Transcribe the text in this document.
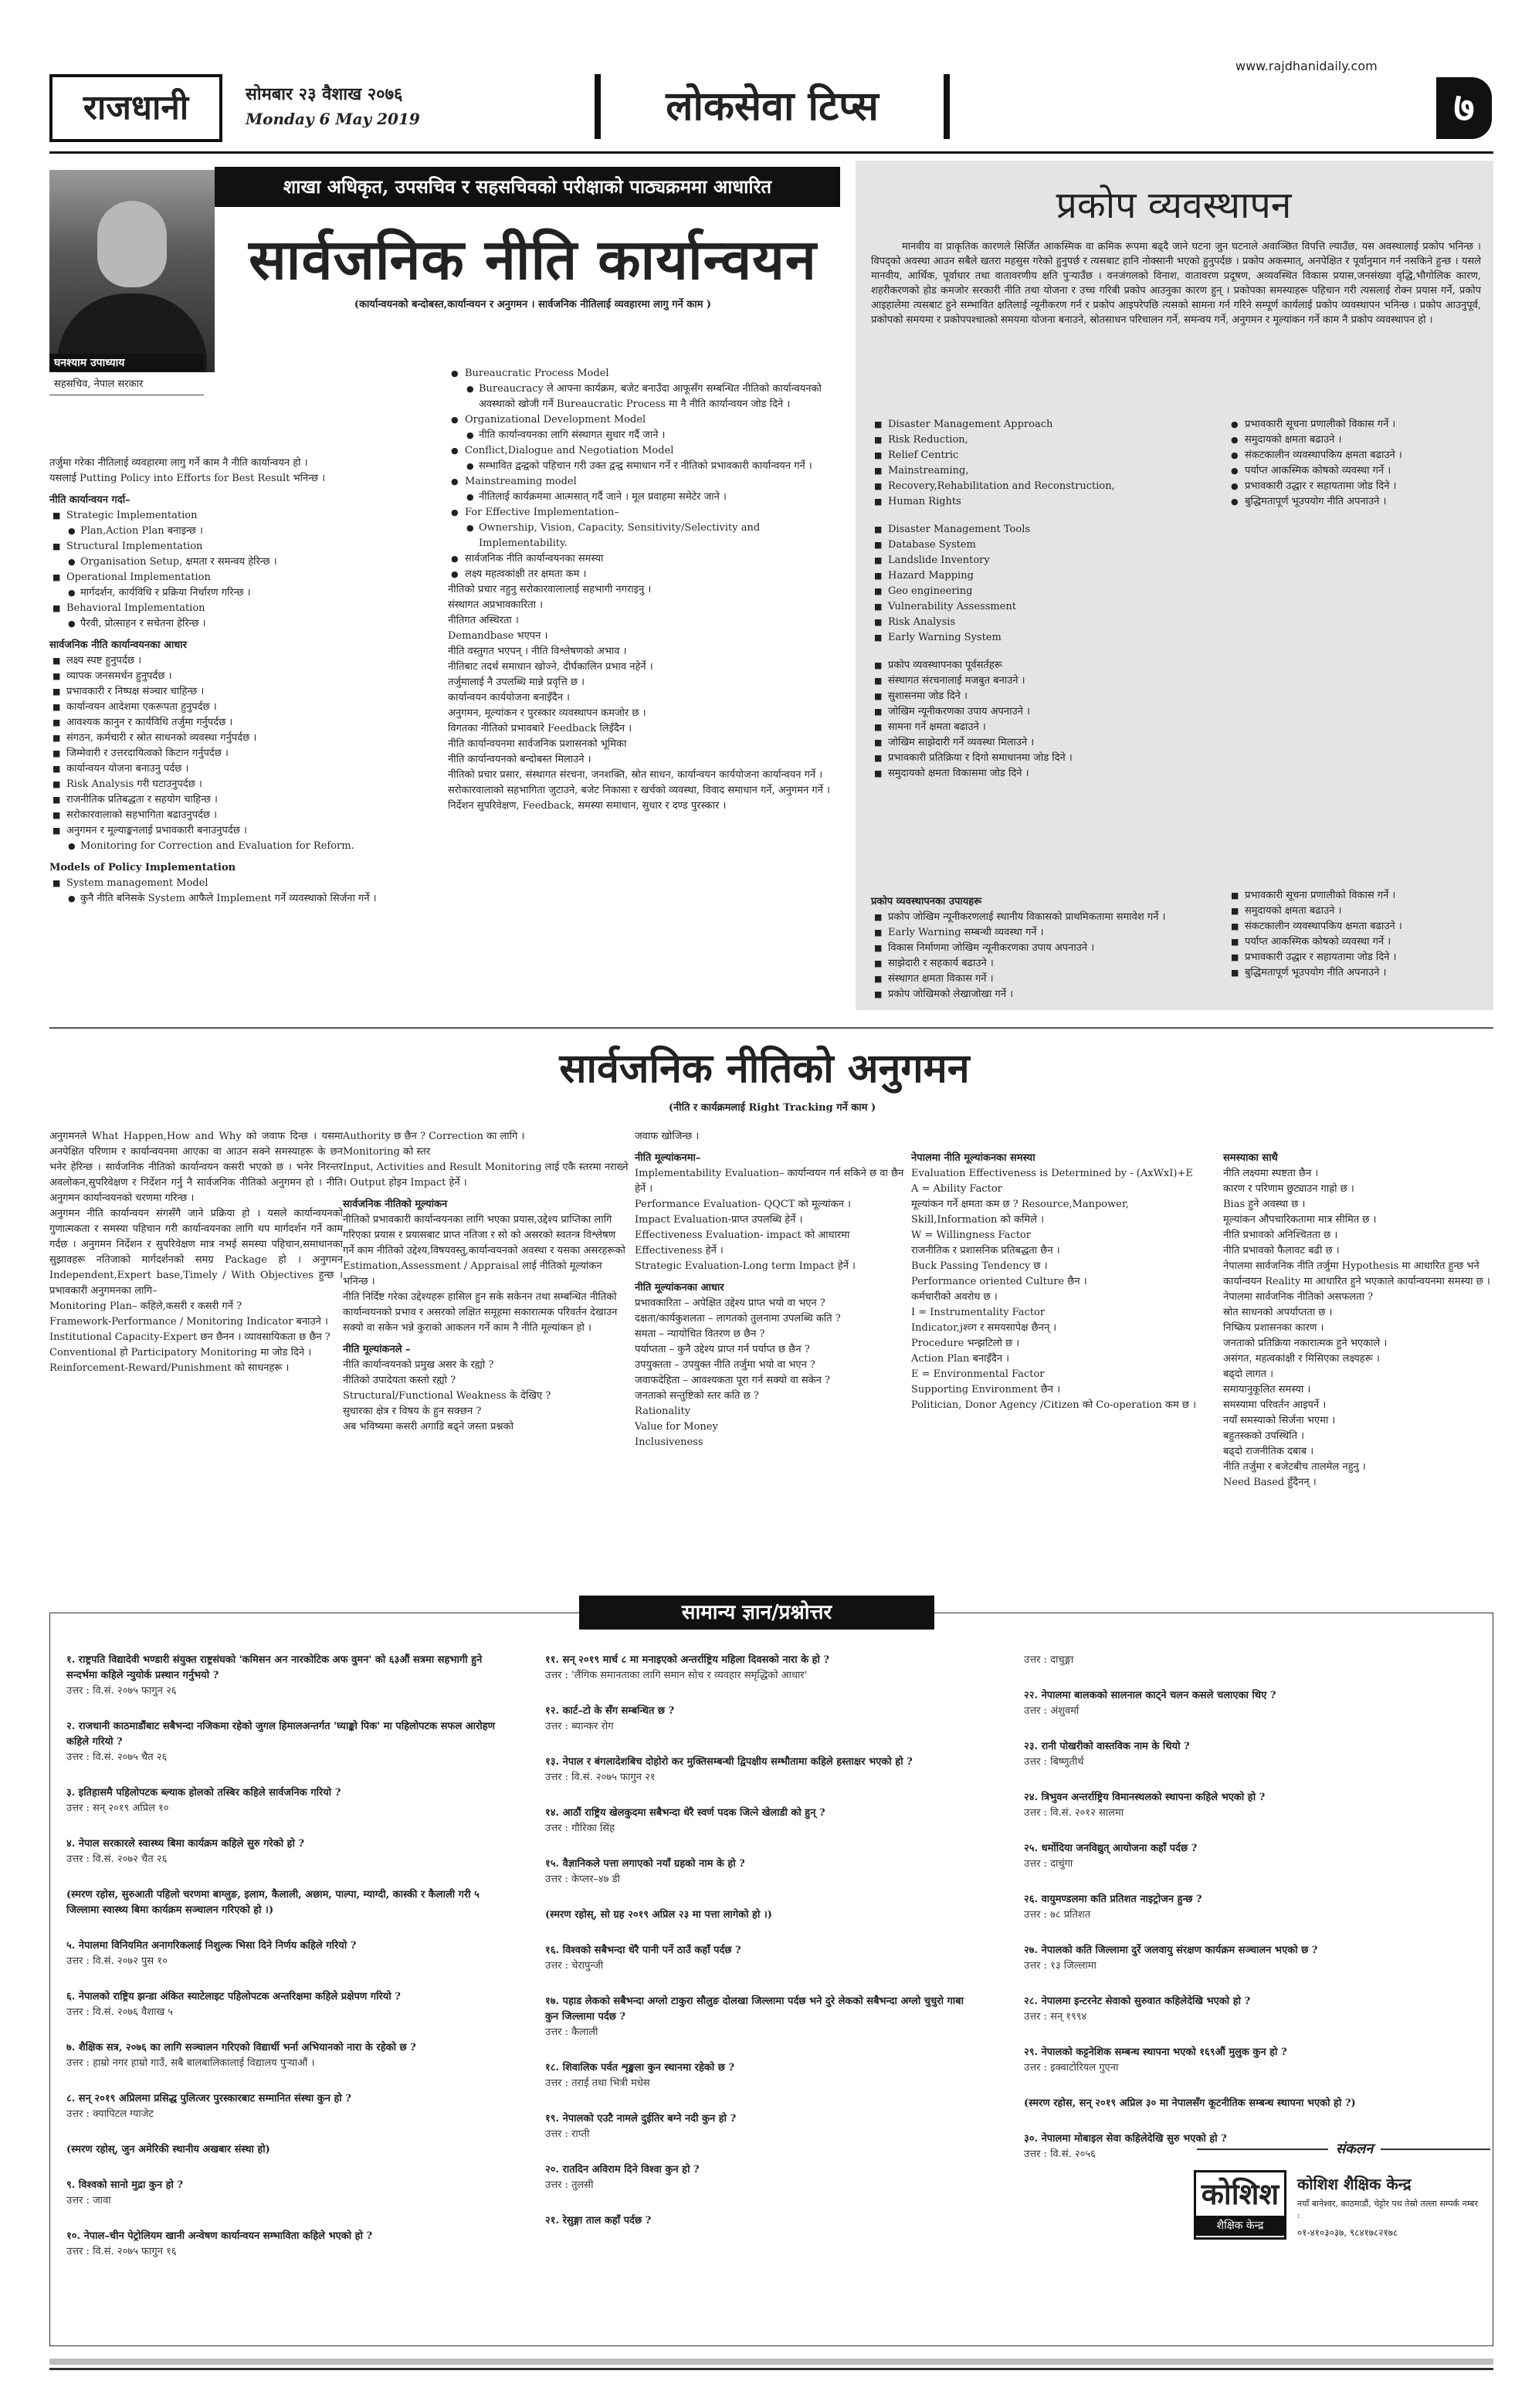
www.rajdhanidaily.com
राजधानी	सोमबार २३ वैशाख २०७६
Monday 6 May 2019	लोकसेवा टिप्स	७
शाखा अधिकृत, उपसचिव र सहसचिवको परीक्षाको पाठ्यक्रममा आधारित
सार्वजनिक नीति कार्यान्वयन
(कार्यान्वयनको बन्दोबस्त,कार्यान्वयन र अनुगमन । सार्वजनिक नीतिलाई व्यवहारमा लागु गर्ने काम )
घनश्याम उपाध्याय
सहसचिव, नेपाल सरकार
तर्जुमा गरेका नीतिलाई व्यवहारमा लागु गर्ने काम नै नीति कार्यान्वयन हो ।
यसलाई Putting Policy into Efforts for Best Result भनिन्छ ।
नीति कार्यान्वयन गर्दा–
■ Strategic Implementation
● Plan,Action Plan बनाइन्छ ।
■ Structural Implementation
● Organisation Setup, क्षमता र समन्वय हेरिन्छ ।
■ Operational Implementation
● मार्गदर्शन, कार्यविधि र प्रक्रिया निर्धारण गरिन्छ ।
■ Behavioral Implementation
● पैरवी, प्रोत्साहन र सचेतना हेरिन्छ ।
सार्वजनिक नीति कार्यान्वयनका आधार
■ लक्ष्य स्पष्ट हुनुपर्दछ ।
■ व्यापक जनसमर्थन हुनुपर्दछ ।
■ प्रभावकारी र निष्पक्ष संञ्चार चाहिन्छ ।
■ कार्यान्वयन आदेशमा एकरूपता हुनुपर्दछ ।
■ आवश्यक कानुन र कार्यविधि तर्जुमा गर्नुपर्दछ ।
■ संगठन, कर्मचारी र स्रोत साधनको व्यवस्था गर्नुपर्दछ ।
■ जिम्मेवारी र उत्तरदायित्वको किटान गर्नुपर्दछ ।
■ कार्यान्वयन योजना बनाउनु पर्दछ ।
■ Risk Analysis गरी घटाउनुपर्दछ ।
■ राजनीतिक प्रतिबद्धता र सहयोग चाहिन्छ ।
■ सरोकारवालाको सहभागिता बढाउनुपर्दछ ।
■ अनुगमन र मूल्याङ्कनलाई प्रभावकारी बनाउनुपर्दछ ।
● Monitoring for Correction and Evaluation for Reform.
Models of Policy Implementation
■ System management Model
● कुनै नीति बनिसके System आफैले Implement गर्ने व्यवस्थाको सिर्जना गर्ने ।
● Bureaucratic Process Model
● Bureaucracy ले आफ्ना कार्यक्रम, बजेट बनाउँदा आफूसँग सम्बन्धित नीतिको कार्यान्वयनको अवस्थाको खोजी गर्ने Bureaucratic Process मा नै नीति कार्यान्वयन जोड दिने ।
● Organizational Development Model
● नीति कार्यान्वयनका लागि संस्थागत सुधार गर्दै जाने ।
● Conflict,Dialogue and Negotiation Model
● सम्भावित द्वन्द्वको पहिचान गरी उक्त द्वन्द्व समाधान गर्ने र नीतिको प्रभावकारी कार्यान्वयन गर्ने ।
● Mainstreaming model
● नीतिलाई कार्यक्रममा आत्मसात् गर्दै जाने । मूल प्रवाहमा समेटेर जाने ।
● For Effective Implementation–
● Ownership, Vision, Capacity, Sensitivity/Selectivity and Implementability.
● सार्वजनिक नीति कार्यान्वयनका समस्या
● लक्ष्य महत्वकांक्षी तर क्षमता कम ।
नीतिको प्रचार नहुनु सरोकारवालालाई सहभागी नगराइनु ।
संस्थागत अप्रभावकारिता ।
नीतिगत अस्थिरता ।
Demandbase भएपन ।
नीति वस्तुगत भएपन् । नीति विश्लेषणको अभाव ।
नीतिबाट तदर्थ समाधान खोज्ने, दीर्घकालिन प्रभाव नहेर्ने ।
तर्जुमालाई नै उपलब्धि मान्ने प्रवृत्ति छ ।
कार्यान्वयन कार्ययोजना बनाइँदैन ।
अनुगमन, मूल्यांकन र पुरस्कार व्यवस्थापन कमजोर छ ।
विगतका नीतिको प्रभावबारे Feedback लिइँदैन ।
नीति कार्यान्वयनमा सार्वजनिक प्रशासनको भूमिका
नीति कार्यान्वयनको बन्दोबस्त मिलाउने ।
नीतिको प्रचार प्रसार, संस्थागत संरचना, जनशक्ति, स्रोत साधन, कार्यान्वयन कार्ययोजना कार्यान्वयन गर्ने ।
सरोकारवालाको सहभागिता जुटाउने, बजेट निकासा र खर्चको व्यवस्था, विवाद समाधान गर्ने, अनुगमन गर्ने ।
निर्देशन सुपरिवेक्षण, Feedback, समस्या समाधान, सुधार र दण्ड पुरस्कार ।
प्रकोप व्यवस्थापन
मानवीय वा प्राकृतिक कारणले सिर्जित आकस्मिक वा क्रमिक रूपमा बढ्दै जाने घटना जुन घटनाले अवाञ्छित विपत्ति ल्याउँछ, यस अवस्थालाई प्रकोप भनिन्छ । विपद्को अवस्था आउन सबैले खतरा महसुस गरेको हुनुपर्छ र त्यसबाट हानि नोक्सानी भएको हुनुपर्दछ । प्रकोप अकस्मात्, अनपेक्षित र पूर्वानुमान गर्न नसकिने हुन्छ । यसले मानवीय, आर्थिक, पूर्वाधार तथा वातावरणीय क्षति पुऱ्याउँछ । वनजंगलको विनाश, वातावरण प्रदूषण, अव्यवस्थित विकास प्रयास,जनसंख्या वृद्धि,भौगोलिक कारण, शहरीकरणको होड कमजोर सरकारी नीति तथा योजना र उच्च गरिबी प्रकोप आउनुका कारण हुन् । प्रकोपका समस्याहरू पहिचान गरी त्यसलाई रोक्न प्रयास गर्ने, प्रकोप आइहालेमा त्यसबाट हुने सम्भावित क्षतिलाई न्यूनीकरण गर्न र प्रकोप आइपरेपछि त्यसको सामना गर्न गरिने सम्पूर्ण कार्यलाई प्रकोप व्यवस्थापन भनिन्छ । प्रकोप आउनुपूर्व, प्रकोपको समयमा र प्रकोपपश्चात्को समयमा योजना बनाउने, स्रोतसाधन परिचालन गर्ने, समन्वय गर्ने, अनुगमन र मूल्यांकन गर्ने काम नै प्रकोप व्यवस्थापन हो ।
■ Disaster Management Approach
■ Risk Reduction,
■ Relief Centric
■ Mainstreaming,
■ Recovery,Rehabilitation and Reconstruction,
■ Human Rights
■ Disaster Management Tools
■ Database System
■ Landslide Inventory
■ Hazard Mapping
■ Geo engineering
■ Vulnerability Assessment
■ Risk Analysis
■ Early Warning System
■ प्रकोप व्यवस्थापनका पूर्वसर्तहरू
■ संस्थागत संरचनालाई मजबुत बनाउने ।
■ सुशासनमा जोड दिने ।
■ जोखिम न्यूनीकरणका उपाय अपनाउने ।
■ सामना गर्ने क्षमता बढाउने ।
■ जोखिम साझेदारी गर्ने व्यवस्था मिलाउने ।
■ प्रभावकारी प्रतिक्रिया र दिगो समाधानमा जोड दिने ।
■ समुदायको क्षमता विकासमा जोड दिने ।
● प्रभावकारी सूचना प्रणालीको विकास गर्ने ।
● समुदायको क्षमता बढाउने ।
● संकटकालीन व्यवस्थापकिय क्षमता बढाउने ।
● पर्याप्त आकस्मिक कोषको व्यवस्था गर्ने ।
● प्रभावकारी उद्धार र सहायतामा जोड दिने ।
● बुद्धिमतापूर्ण भूउपयोग नीति अपनाउने ।
प्रकोप व्यवस्थापनका उपायहरू
■ प्रकोप जोखिम न्यूनीकरणलाई स्थानीय विकासको प्राथमिकतामा समावेश गर्ने ।
■ Early Warning सम्बन्धी व्यवस्था गर्ने ।
■ विकास निर्माणमा जोखिम न्यूनीकरणका उपाय अपनाउने ।
■ साझेदारी र सहकार्य बढाउने ।
■ संस्थागत क्षमता विकास गर्ने ।
■ प्रकोप जोखिमको लेखाजोखा गर्ने ।
■ प्रभावकारी सूचना प्रणालीको विकास गर्ने ।
■ समुदायको क्षमता बढाउने ।
■ संकटकालीन व्यवस्थापकिय क्षमता बढाउने ।
■ पर्याप्त आकस्मिक कोषको व्यवस्था गर्ने ।
■ प्रभावकारी उद्धार र सहायतामा जोड दिने ।
■ बुद्धिमतापूर्ण भूउपयोग नीति अपनाउने ।
सार्वजनिक नीतिको अनुगमन
(नीति र कार्यक्रमलाई Right Tracking गर्ने काम )
अनुगमनले What Happen,How and Why को जवाफ दिन्छ । यसमा अनपेक्षित परिणाम र कार्यान्वयनमा आएका वा आउन सक्ने समस्याहरू के छन भनेर हेरिन्छ । सार्वजनिक नीतिको कार्यान्वयन कसरी भएको छ । भनेर निरन्तर अवलोकन,सुपरिवेक्षण र निर्देशन गर्नु नै सार्वजनिक नीतिको अनुगमन हो । नीति अनुगमन कार्यान्वयनको चरणमा गरिन्छ ।
अनुगमन नीति कार्यान्वयन संगसँगै जाने प्रक्रिया हो । यसले कार्यान्वयनको गुणात्मकता र समस्या पहिचान गरी कार्यान्वयनका लागि थप मार्गदर्शन गर्ने काम गर्दछ । अनुगमन निर्देशन र सुपरिवेक्षण मात्र नभई समस्या पहिचान,समाधानका सुझावहरू नतिजाको मार्गदर्शनको समग्र Package हो । अनुगमन Independent,Expert base,Timely / With Objectives हुन्छ । प्रभावकारी अनुगमनका लागि–
Monitoring Plan– कहिले,कसरी र कसरी गर्ने ?
Framework-Performance / Monitoring Indicator बनाउने ।
Institutional Capacity-Expert छन छैनन । व्यावसायिकता छ छैन ?
Conventional हो Participatory Monitoring मा जोड दिने ।
Reinforcement-Reward/Punishment को साधनहरू ।
Authority छ छैन ? Correction का लागि ।
Monitoring को स्तर
Input, Activities and Result Monitoring लाई एकै स्तरमा नराख्ने । Output होइन Impact हेर्ने ।
सार्वजनिक नीतिको मूल्यांकन
नीतिको प्रभावकारी कार्यान्वयनका लागि भएका प्रयास,उद्देश्य प्राप्तिका लागि गरिएका प्रयास र प्रयासबाट प्राप्त नतिजा र सो को असरको स्वतन्त्र विश्लेषण गर्ने काम नीतिको उद्देश्य,विषयवस्तु,कार्यान्वयनको अवस्था र यसका असरहरूको Estimation,Assessment / Appraisal लाई नीतिको मूल्यांकन भनिन्छ ।
नीति निर्दिष्ट गरेका उद्देश्यहरू हासिल हुन सके सकेनन तथा सम्बन्धित नीतिको कार्यान्वयनको प्रभाव र असरको लक्षित समूहमा सकारात्मक परिवर्तन देखाउन सक्यो वा सकेन भन्ने कुराको आकलन गर्ने काम नै नीति मूल्यांकन हो ।
नीति मूल्यांकनले –
नीति कार्यान्वयनको प्रमुख असर के रह्यो ?
नीतिको उपादेयता कस्तो रह्यो ?
Structural/Functional Weakness के देखिए ?
सुधारका क्षेत्र र विषय के हुन सक्छन ?
अब भविष्यमा कसरी अगाडि बढ्ने जस्ता प्रश्नको
जवाफ खोजिन्छ ।
नीति मूल्यांकनमा–
Implementability Evaluation– कार्यान्वयन गर्न सकिने छ वा छैन हेर्ने ।
Performance Evaluation- QQCT को मूल्यांकन ।
Impact Evaluation-प्राप्त उपलब्धि हेर्ने ।
Effectiveness Evaluation- impact को आधारमा Effectiveness हेर्ने ।
Strategic Evaluation-Long term Impact हेर्ने ।
नीति मूल्यांकनका आधार
प्रभावकारिता – अपेक्षित उद्देश्य प्राप्त भयो वा भएन ?
दक्षता/कार्यकुशलता – लागतको तुलनामा उपलब्धि कति ?
समता – न्यायोचित वितरण छ छैन ?
पर्याप्तता – कुनै उद्देश्य प्राप्त गर्न पर्याप्त छ छैन ?
उपयुक्तता – उपयुक्त नीति तर्जुमा भयो वा भएन ?
जवाफदेहिता – आवश्यकता पूरा गर्न सक्यो वा सकेन ?
जनताको सन्तुष्टिको स्तर कति छ ?
Rationality
Value for Money
Inclusiveness
नेपालमा नीति मूल्यांकनका समस्या
Evaluation Effectiveness is Determined by - (AxWxI)+E
A = Ability Factor
मूल्यांकन गर्ने क्षमता कम छ ? Resource,Manpower, Skill,Information को कमिले ।
W = Willingness Factor
राजनीतिक र प्रशासनिक प्रतिबद्धता छैन ।
Buck Passing Tendency छ ।
Performance oriented Culture छैन ।
कर्मचारीको अवरोध छ ।
I = Instrumentality Factor
Indicator,jश्व्ग र समयसापेक्ष छैनन् ।
Procedure भन्झटिलो छ ।
Action Plan बनाइँदैन ।
E = Environmental Factor
Supporting Environment छैन ।
Politician, Donor Agency /Citizen को Co-operation कम छ ।
समस्याका साथै
नीति लक्ष्यमा स्पष्टता छैन ।
कारण र परिणाम छुट्याउन गाह्रो छ ।
Bias हुने अवस्था छ ।
मूल्यांकन औपचारिकतामा मात्र सीमित छ ।
नीति प्रभावको अनिश्चितता छ ।
नीति प्रभावको फैलावट बढी छ ।
नेपालमा सार्वजनिक नीति तर्जुमा Hypothesis मा आधारित हुन्छ भने कार्यान्वयन Reality मा आधारित हुने भएकाले कार्यान्वयनमा समस्या छ ।
नेपालमा सार्वजनिक नीतिको असफलता ?
स्रोत साधनको अपर्याप्तता छ ।
निष्क्रिय प्रशासनका कारण ।
जनताको प्रतिक्रिया नकारात्मक हुने भएकाले ।
असंगत, महत्वकांक्षी र मिसिएका लक्ष्यहरू ।
बढ्दो लागत ।
समायानुकूलित समस्या ।
समस्यामा परिवर्तन आइपर्ने ।
नयाँ समस्याको सिर्जना भएमा ।
बहुतस्कको उपस्थिति ।
बढ्दो राजनीतिक दबाब ।
नीति तर्जुमा र बजेटबीच तालमेल नहुनु ।
Need Based हुँदैनन् ।
सामान्य ज्ञान/प्रश्नोत्तर
१. राष्ट्रपति विद्यादेवी भण्डारी संयुक्त राष्ट्रसंघको 'कमिसन अन नारकोटिक अफ वुमन' को ६३औं सत्रमा सहभागी हुने सन्दर्भमा कहिले न्युयोर्क प्रस्थान गर्नुभयो ?
उत्तर : वि.सं. २०७५ फागुन २६
२. राजधानी काठमाडौंबाट सबैभन्दा नजिकमा रहेको जुगल हिमालअन्तर्गत 'घ्याङ्को पिक' मा पहिलोपटक सफल आरोहण कहिले गरियो ?
उत्तर : वि.सं. २०७५ चैत २६
३. इतिहासमै पहिलोपटक ब्ल्याक होलको तस्बिर कहिले सार्वजनिक गरियो ?
उत्तर : सन् २०१९ अप्रिल १०
४. नेपाल सरकारले स्वास्थ्य बिमा कार्यक्रम कहिले सुरु गरेको हो ?
उत्तर : वि.सं. २०७२ चैत २६
(स्मरण रहोस, सुरुआती पहिलो चरणमा बाग्लुङ, इलाम, कैलाली, अछाम, पाल्पा, म्याग्दी, कास्की र कैलाली गरी ५ जिल्लामा स्वास्थ्य बिमा कार्यक्रम सञ्चालन गरिएको हो ।)
५. नेपालमा विनियमित अनागरिकलाई निशुल्क भिसा दिने निर्णय कहिले गरियो ?
उत्तर : वि.सं. २०७२ पुस १०
६. नेपालको राष्ट्रिय झन्डा अंकित स्याटेलाइट पहिलोपटक अन्तरिक्षमा कहिले प्रक्षेपण गरियो ?
उत्तर : वि.सं. २०७६ वैशाख ५
७. शैक्षिक सत्र, २०७६ का लागि सञ्चालन गरिएको विद्यार्थी भर्ना अभियानको नारा के रहेको छ ?
उत्तर : हाम्रो नगर हाम्रो गाउँ, सबै बालबालिकालाई विद्यालय पुऱ्याऔं ।
८. सन् २०१९ अप्रिलमा प्रसिद्ध पुलित्जर पुरस्कारबाट सम्मानित संस्था कुन हो ?
उत्तर : क्यापिटल ग्याजेट
(स्मरण रहोस्, जुन अमेरिकी स्थानीय अखबार संस्था हो)
९. विश्वको सानो मुद्रा कुन हो ?
उत्तर : जावा
१०. नेपाल–चीन पेट्रोलियम खानी अन्वेषण कार्यान्वयन सम्भाविता कहिले भएको हो ?
उत्तर : वि.सं. २०७५ फागुन १६
११. सन् २०१९ मार्च ८ मा मनाइएको अन्तर्राष्ट्रिय महिला दिवसको नारा के हो ?
उत्तर : 'लैंगिक समानताका लागि समान सोच र व्यवहार समृद्धिको आधार'
१२. कार्ट–टो के सँग सम्बन्धित छ ?
उत्तर : ब्यान्कर रोग
१३. नेपाल र बंगलादेशबिच दोहोरो कर मुक्तिसम्बन्धी द्विपक्षीय सम्भौतामा कहिले हस्ताक्षर भएको हो ?
उत्तर : वि.सं. २०७५ फागुन २१
१४. आठौं राष्ट्रिय खेलकुदमा सबैभन्दा धेरै स्वर्ण पदक जित्ने खेलाडी को हुन् ?
उत्तर : गौरिका सिंह
१५. वैज्ञानिकले पत्ता लगाएको नयाँ ग्रहको नाम के हो ?
उत्तर : केप्लर–४७ डी
(स्मरण रहोस्, सो ग्रह २०१९ अप्रिल २३ मा पत्ता लागेको हो ।)
१६. विश्वको सबैभन्दा धेरै पानी पर्ने ठाउँ कहाँ पर्दछ ?
उत्तर : चेरापुन्जी
१७. पहाड लेकको सबैभन्दा अग्लो टाकुरा सौलुङ दोलखा जिल्लामा पर्दछ भने दुरे लेकको सबैभन्दा अग्लो चुचुरो गाबा कुन जिल्लामा पर्दछ ?
उत्तर : कैलाली
१८. शिवालिक पर्वत शृङ्खला कुन स्थानमा रहेको छ ?
उत्तर : तराई तथा भित्री मधेस
१९. नेपालको एउटै नामले दुईतिर बग्ने नदी कुन हो ?
उत्तर : राप्ती
२०. रातदिन अविराम दिने विश्वा कुन हो ?
उत्तर : तुलसी
२१. रेसुङ्गा ताल कहाँ पर्दछ ?
उत्तर : दाचुङ्गा
२२. नेपालमा बालकको सालनाल काट्ने चलन कसले चलाएका थिए ?
उत्तर : अंशुवर्मा
२३. रानी पोखरीको वास्तविक नाम के थियो ?
उत्तर : बिष्णुतीर्थ
२४. त्रिभुवन अन्तर्राष्ट्रिय विमानस्थलको स्थापना कहिले भएको हो ?
उत्तर : वि.सं. २०१२ सालमा
२५. धर्मोदिया जनविद्युत् आयोजना कहाँ पर्दछ ?
उत्तर : दाचुंगा
२६. वायुमण्डलमा कति प्रतिशत नाइट्रोजन हुन्छ ?
उत्तर : ७८ प्रतिशत
२७. नेपालको कति जिल्लामा दुर्रे जलवायु संरक्षण कार्यक्रम सञ्चालन भएको छ ?
उत्तर : १३ जिल्लामा
२८. नेपालमा इन्टरनेट सेवाको सुरुवात कहिलेदेखि भएको हो ?
उत्तर : सन् १९९४
२९. नेपालको कट्टनेशिक सम्बन्ध स्थापना भएको १६९औं मुलुक कुन हो ?
उत्तर : इक्वाटोरियल गुएना
(स्मरण रहोस, सन् २०१९ अप्रिल ३० मा नेपालसँग कूटनीतिक सम्बन्ध स्थापना भएको हो ?)
३०. नेपालमा मोबाइल सेवा कहिलेदेखि सुरु भएको हो ?
उत्तर : वि.सं. २०५६	संकलन
कोशिश
शैक्षिक केन्द्र
कोशिश शैक्षिक केन्द्र
नयाँ बानेश्वर, काठमाडौं, चेट्टोर पथ तेस्रो तल्ला सम्पर्क नम्बर :
०१-४१०३०३७, ९८४१७८२१७८
